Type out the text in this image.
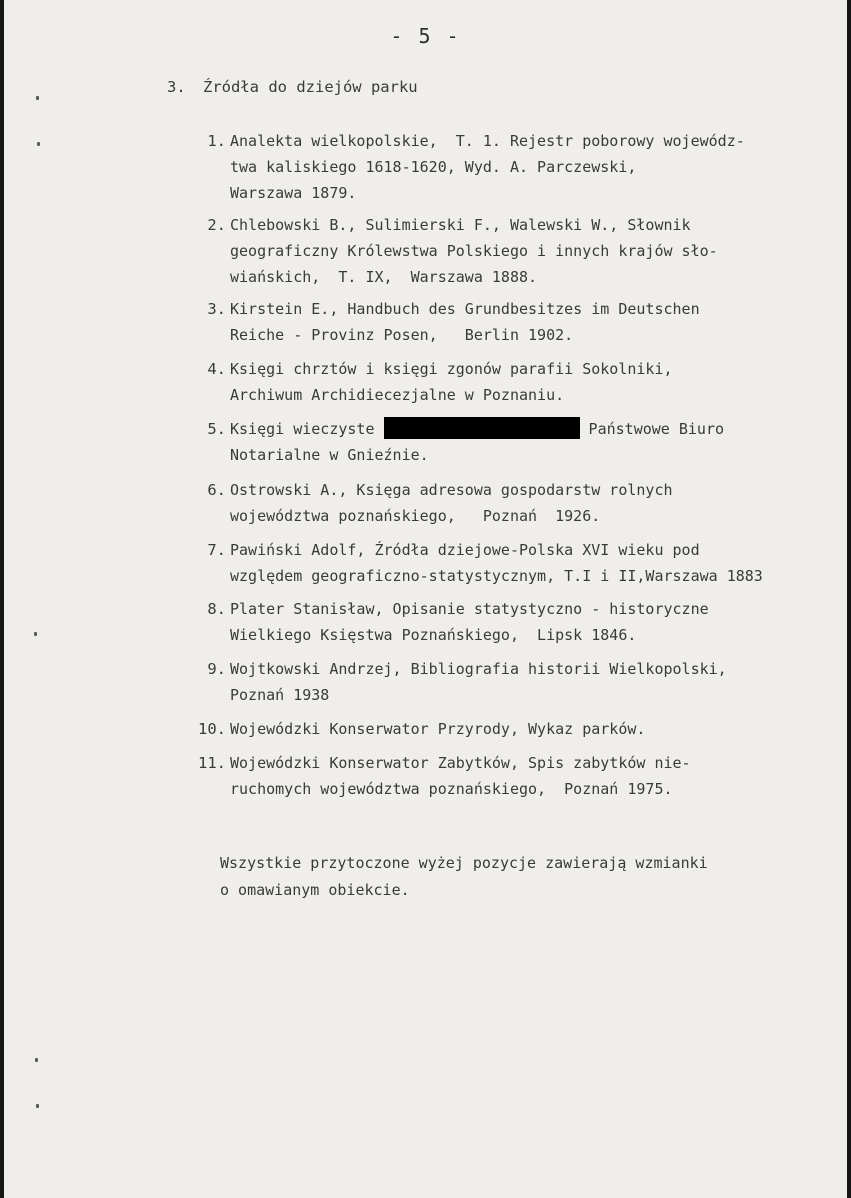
- 5 -
3. Źródła do dziejów parku
1. Analekta wielkopolskie,  T. 1. Rejestr poborowy wojewódz-
twa kaliskiego 1618-1620, Wyd. A. Parczewski,
Warszawa 1879.
2. Chlebowski B., Sulimierski F., Walewski W., Słownik
geograficzny Królewstwa Polskiego i innych krajów sło-
wiańskich,  T. IX,  Warszawa 1888.
3. Kirstein E., Handbuch des Grundbesitzes im Deutschen
Reiche - Provinz Posen,   Berlin 1902.
4. Księgi chrztów i księgi zgonów parafii Sokolniki,
Archiwum Archidiecezjalne w Poznaniu.
5. Księgi wieczyste	Państwowe Biuro
Notarialne w Gnieźnie.
6. Ostrowski A., Księga adresowa gospodarstw rolnych
województwa poznańskiego,   Poznań  1926.
7. Pawiński Adolf, Źródła dziejowe-Polska XVI wieku pod
względem geograficzno-statystycznym, T.I i II,Warszawa 1883
8. Plater Stanisław, Opisanie statystyczno - historyczne
Wielkiego Księstwa Poznańskiego,  Lipsk 1846.
9. Wojtkowski Andrzej, Bibliografia historii Wielkopolski,
Poznań 1938
10. Wojewódzki Konserwator Przyrody, Wykaz parków.
11. Wojewódzki Konserwator Zabytków, Spis zabytków nie-
ruchomych województwa poznańskiego,  Poznań 1975.
Wszystkie przytoczone wyżej pozycje zawierają wzmianki
o omawianym obiekcie.
